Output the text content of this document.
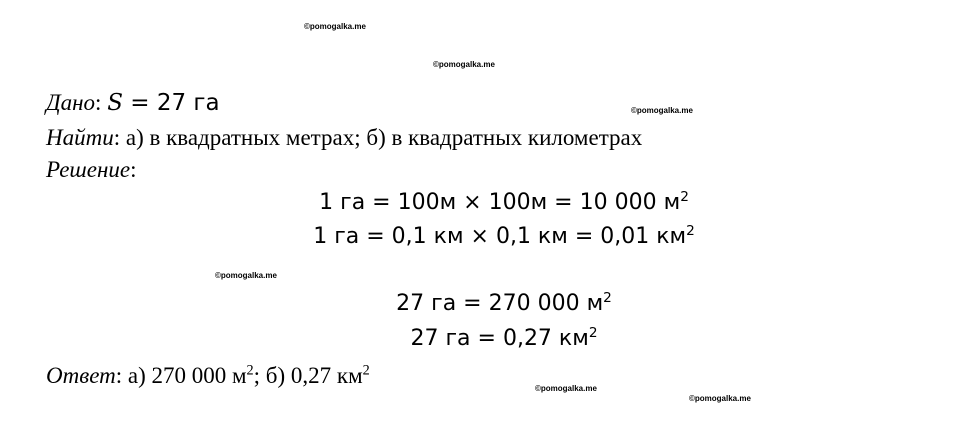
©pomogalka.me
©pomogalka.me
©pomogalka.me
©pomogalka.me
©pomogalka.me
©pomogalka.me
Дано: S = 27 га
Найти: а) в квадратных метрах; б) в квадратных километрах
Решение:
1 га = 100м × 100м = 10 000 $м^2$
1 га = 0,1 км × 0,1 км = 0,01 $км^2$
27 га = 270 000 $м^2$
27 га = 0,27 $км^2$
Ответ: а) 270 000 $м^2$; б) 0,27 $км^2$
